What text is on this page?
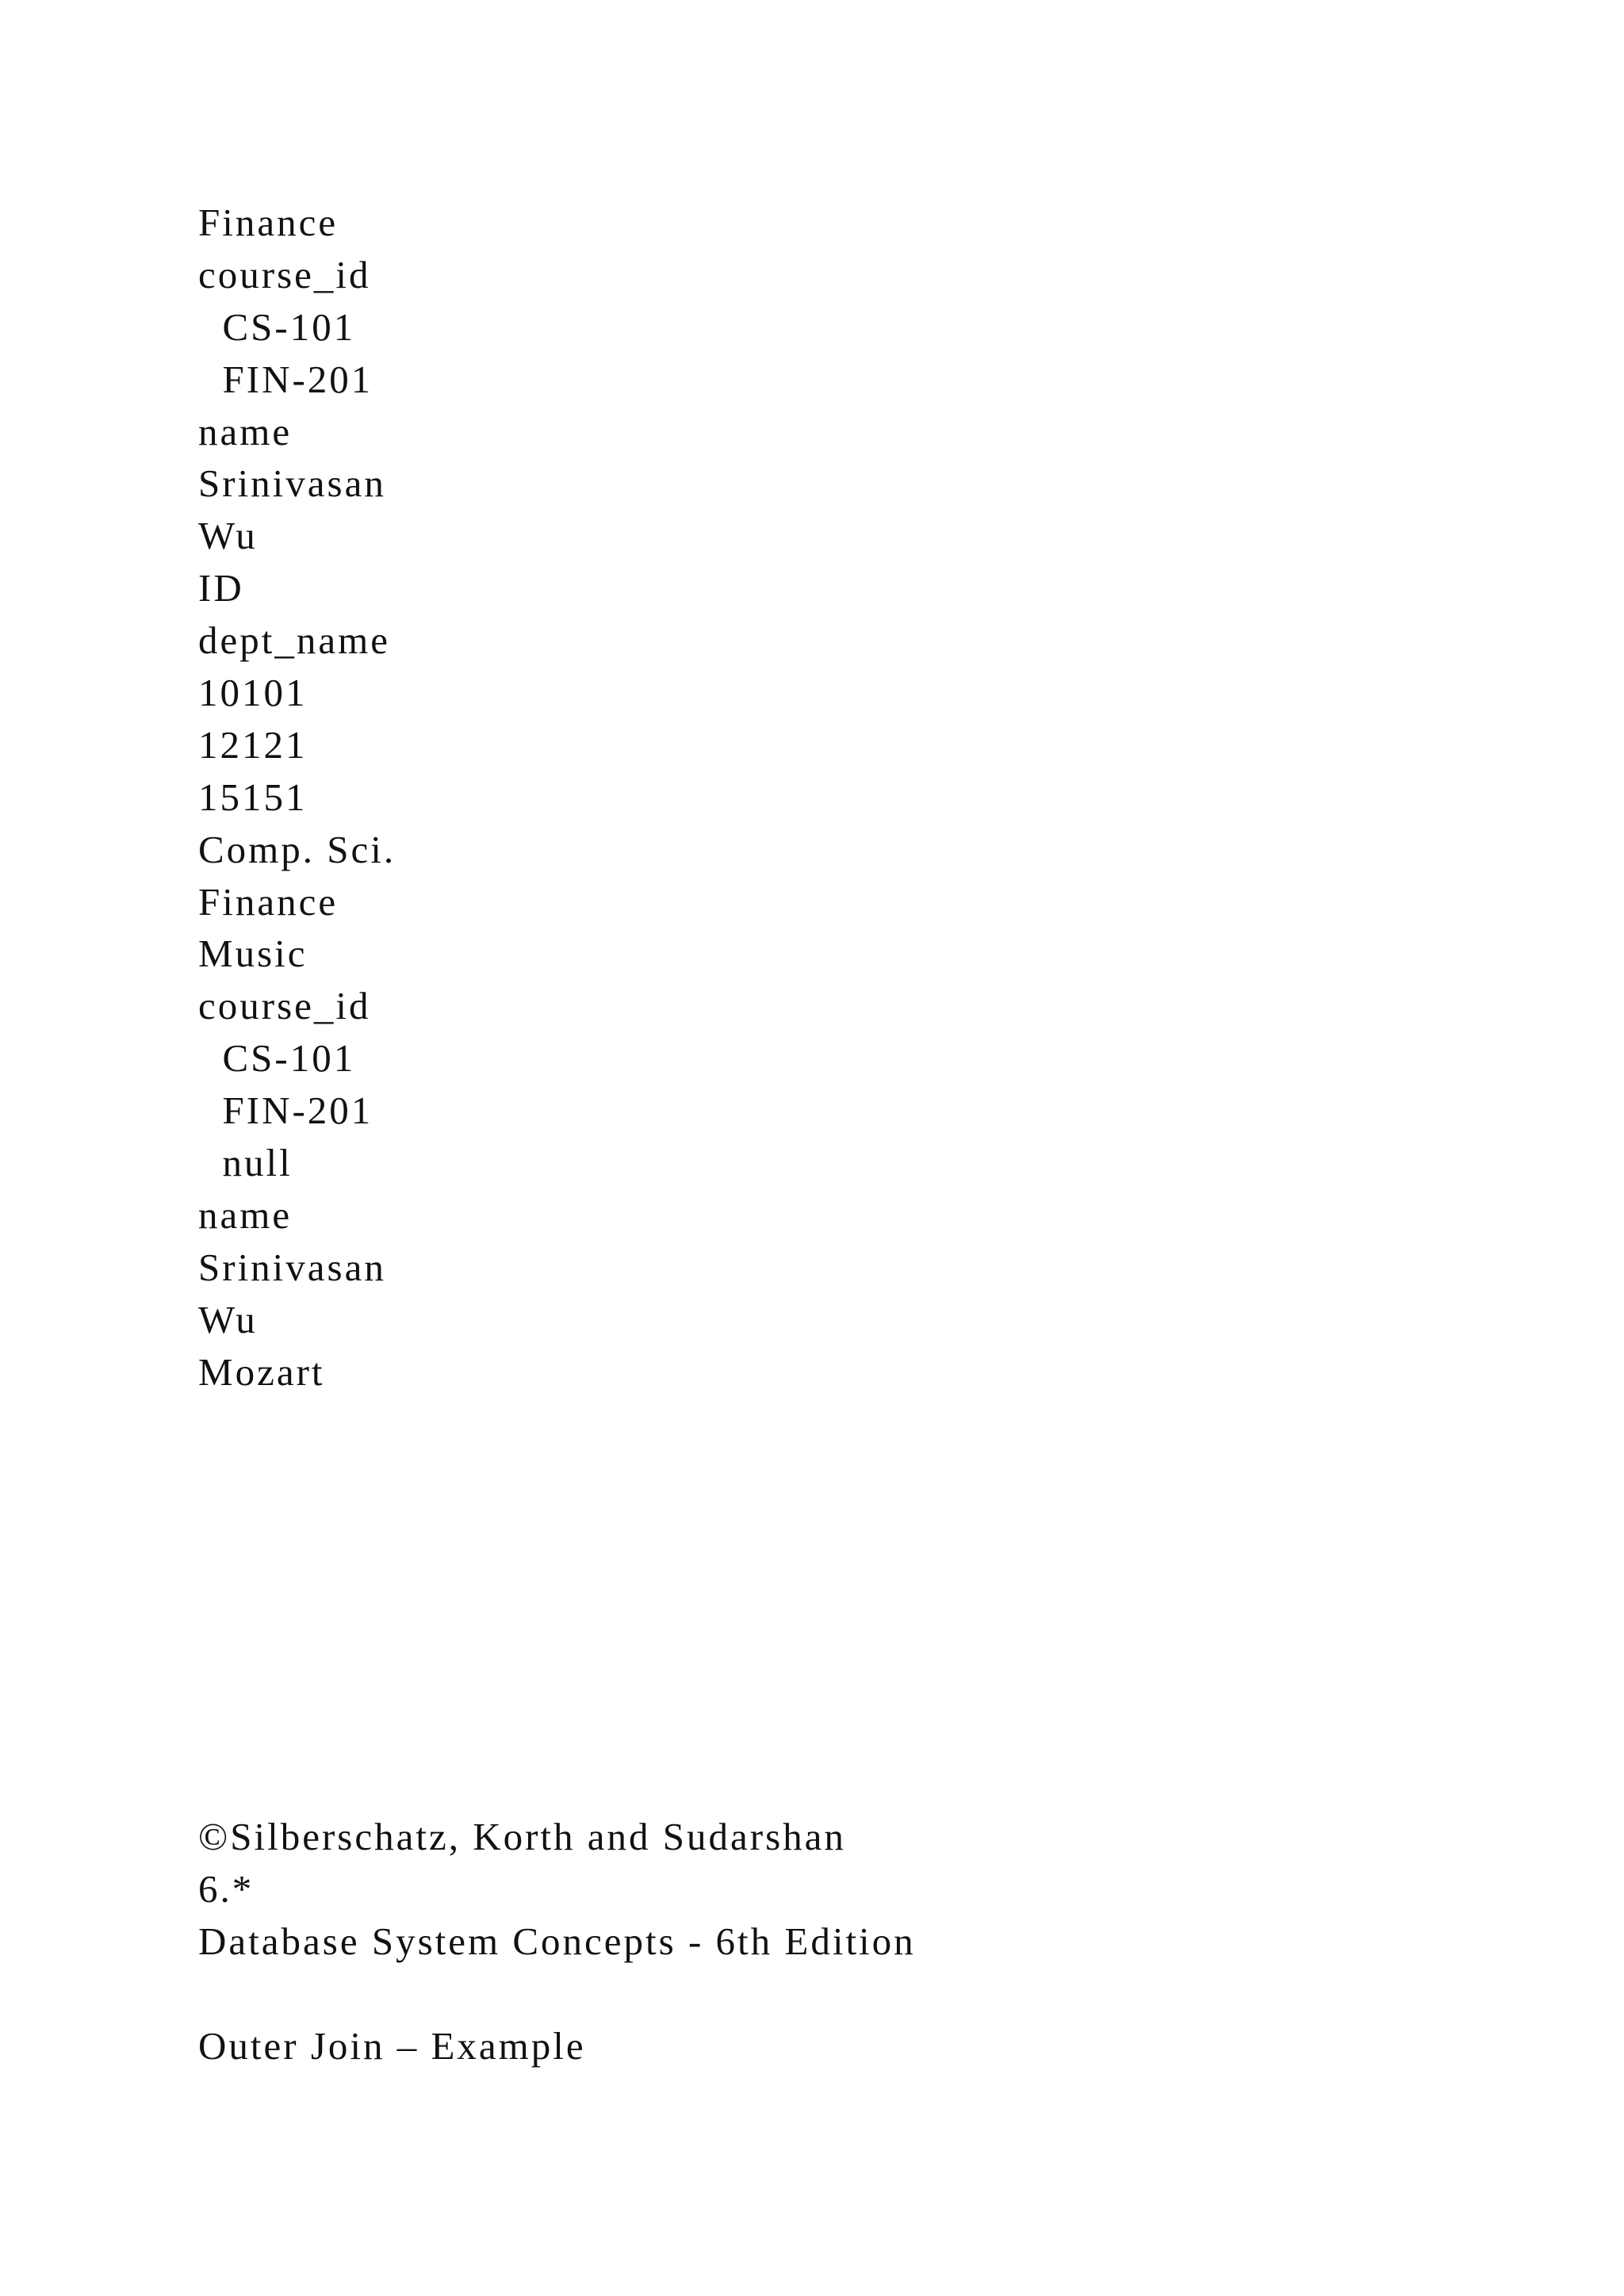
Finance
course_id
CS-101
FIN-201
name
Srinivasan
Wu
ID
dept_name
10101
12121
15151
Comp. Sci.
Finance
Music
course_id
CS-101
FIN-201
null
name
Srinivasan
Wu
Mozart
©Silberschatz, Korth and Sudarshan
6.*
Database System Concepts - 6th Edition
Outer Join – Example
